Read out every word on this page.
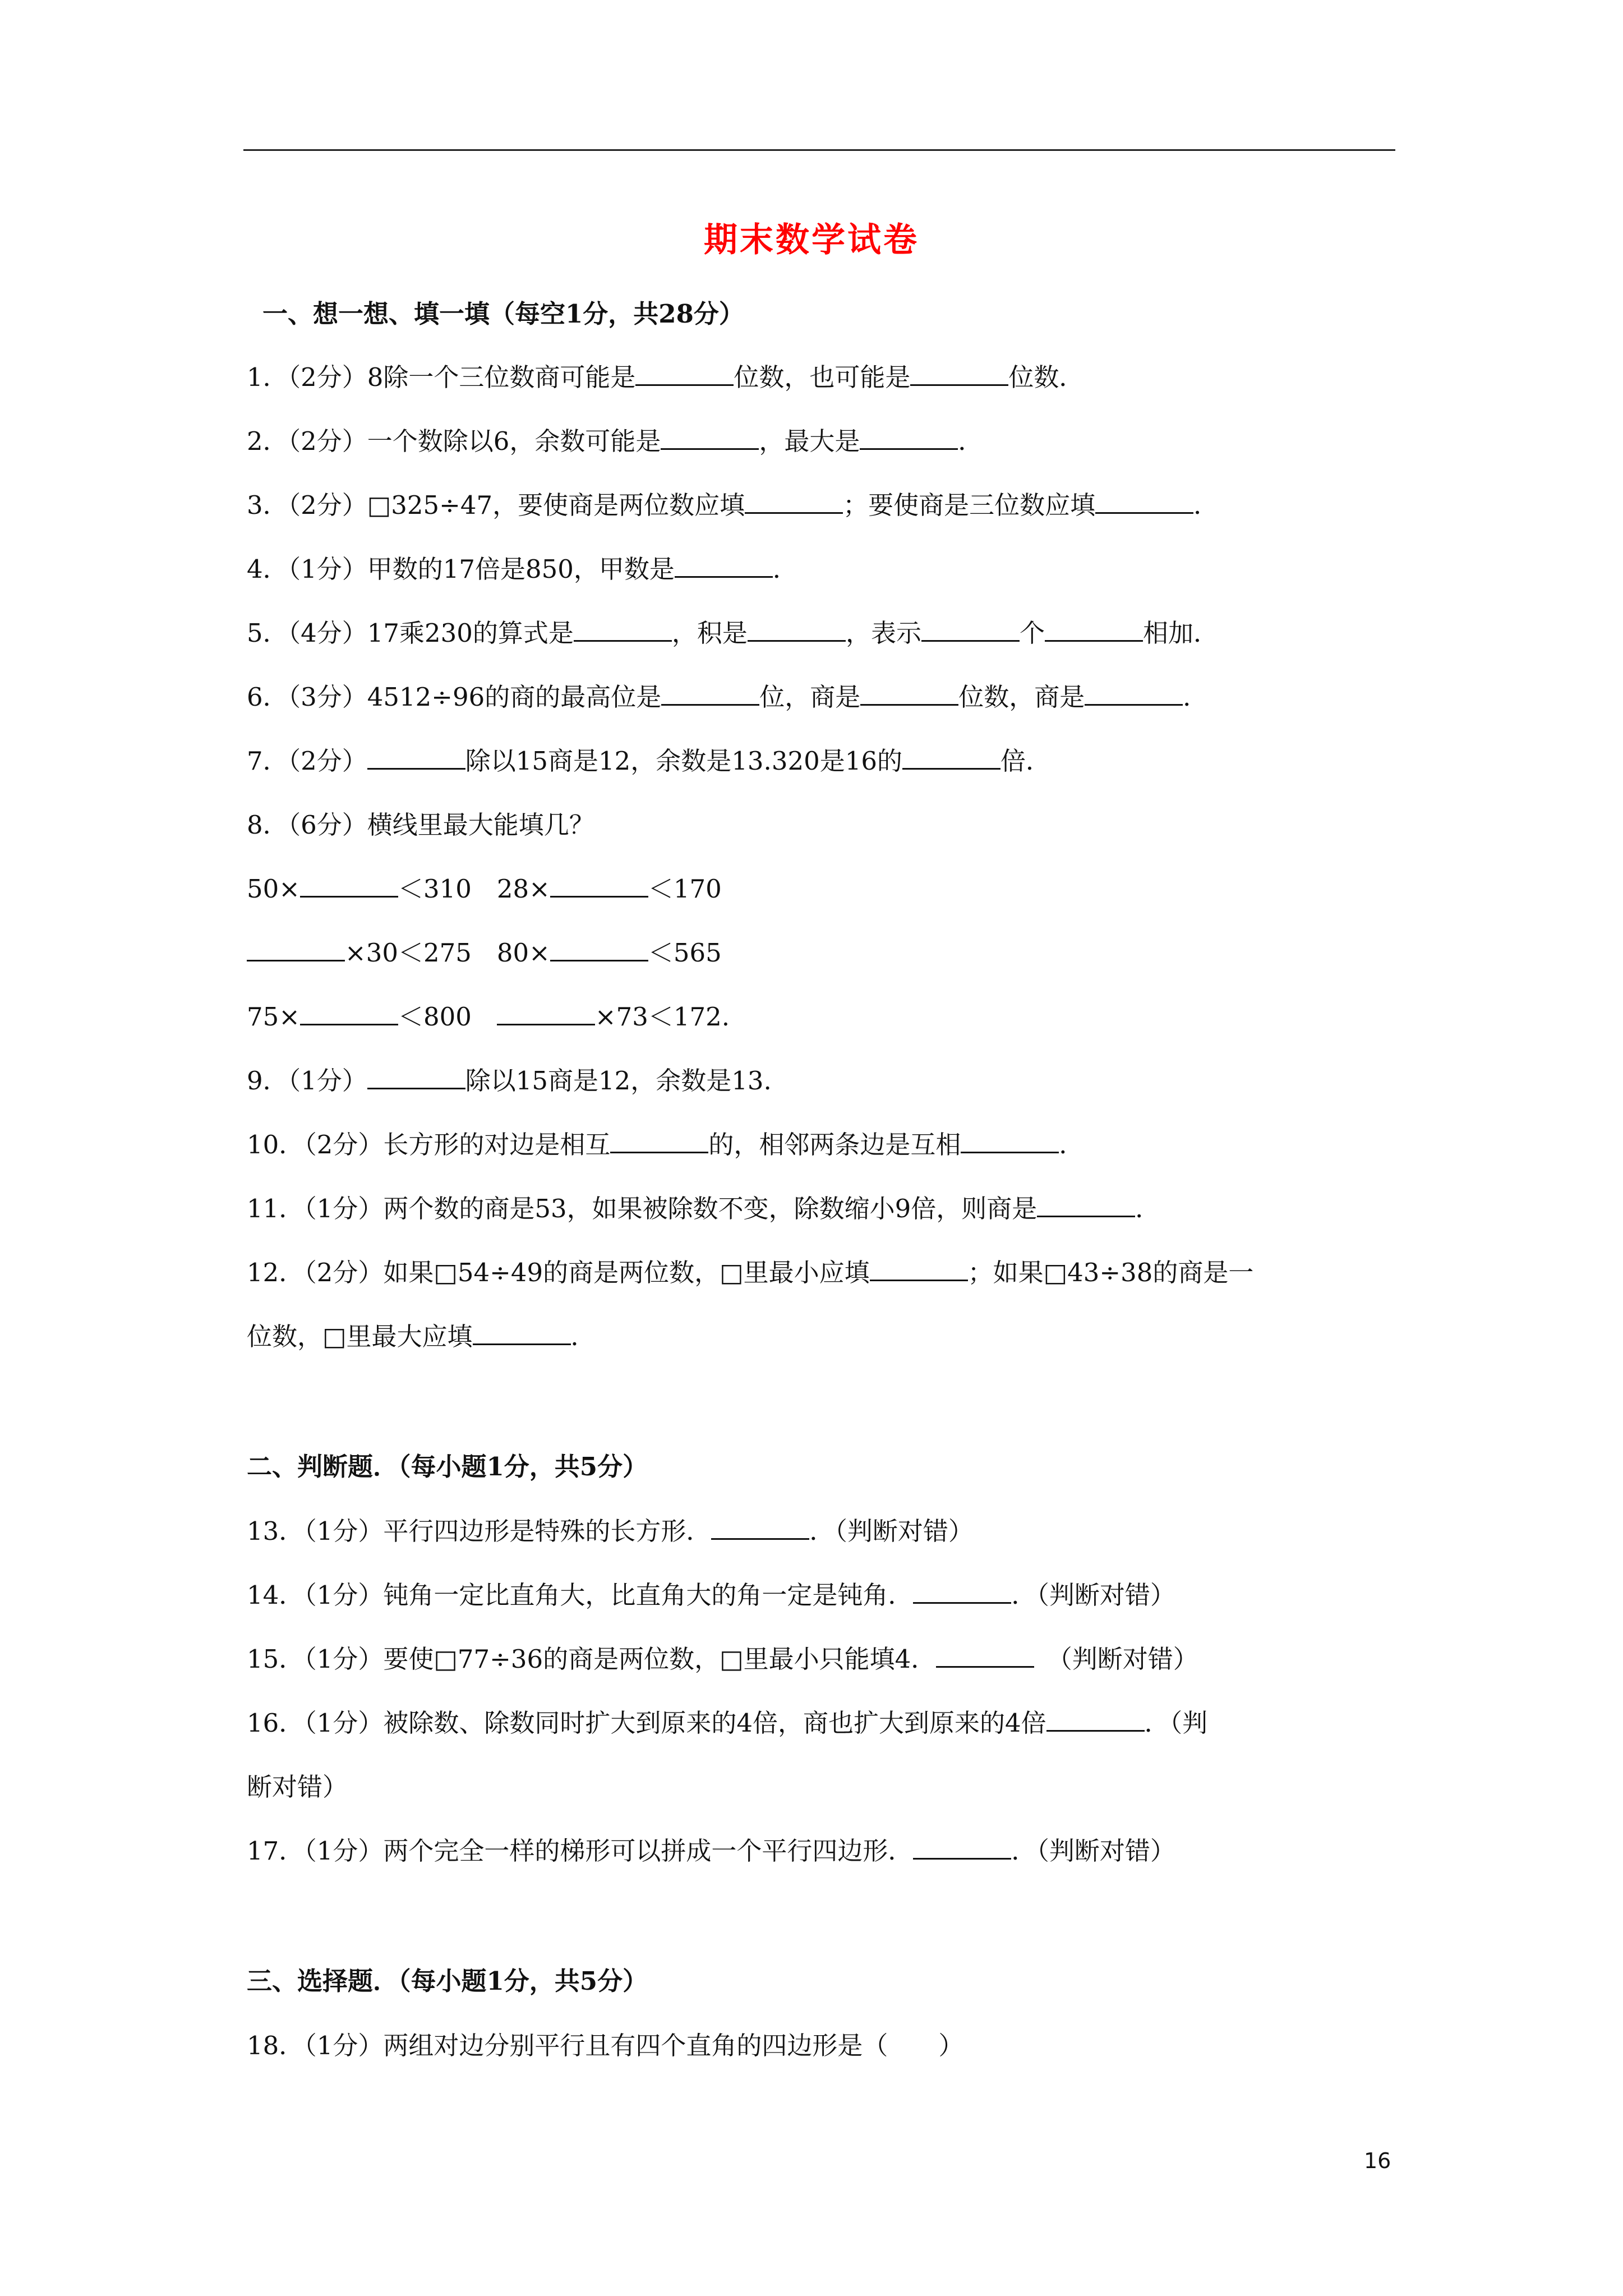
期末数学试卷
一、想一想、填一填（每空1分，共28分）
1．（2分）8除一个三位数商可能是	位数，也可能是	位数．
2．（2分）一个数除以6，余数可能是	，最大是	．
3．（2分）□325÷47，要使商是两位数应填	；要使商是三位数应填	．
4．（1分）甲数的17倍是850，甲数是	．
5．（4分）17乘230的算式是	，积是	，表示	个	相加．
6．（3分）4512÷96的商的最高位是	位，商是	位数，商是	．
7．（2分）	除以15商是12，余数是13.320是16的	倍．
8．（6分）横线里最大能填几？
50×	＜310　28×	＜170
×30＜275　80×	＜565
75×	＜800　	×73＜172.
9．（1分）	除以15商是12，余数是13.
10．（2分）长方形的对边是相互	的，相邻两条边是互相	．
11．（1分）两个数的商是53，如果被除数不变，除数缩小9倍，则商是	．
12．（2分）如果□54÷49的商是两位数，□里最小应填	；如果□43÷38的商是一
位数，□里最大应填	．
二、判断题．（每小题1分，共5分）
13．（1分）平行四边形是特殊的长方形．	．（判断对错）
14．（1分）钝角一定比直角大，比直角大的角一定是钝角．	．（判断对错）
15．（1分）要使□77÷36的商是两位数，□里最小只能填4．	　（判断对错）
16．（1分）被除数、除数同时扩大到原来的4倍，商也扩大到原来的4倍	．（判
断对错）
17．（1分）两个完全一样的梯形可以拼成一个平行四边形．	．（判断对错）
三、选择题．（每小题1分，共5分）
18．（1分）两组对边分别平行且有四个直角的四边形是（　　）
16
